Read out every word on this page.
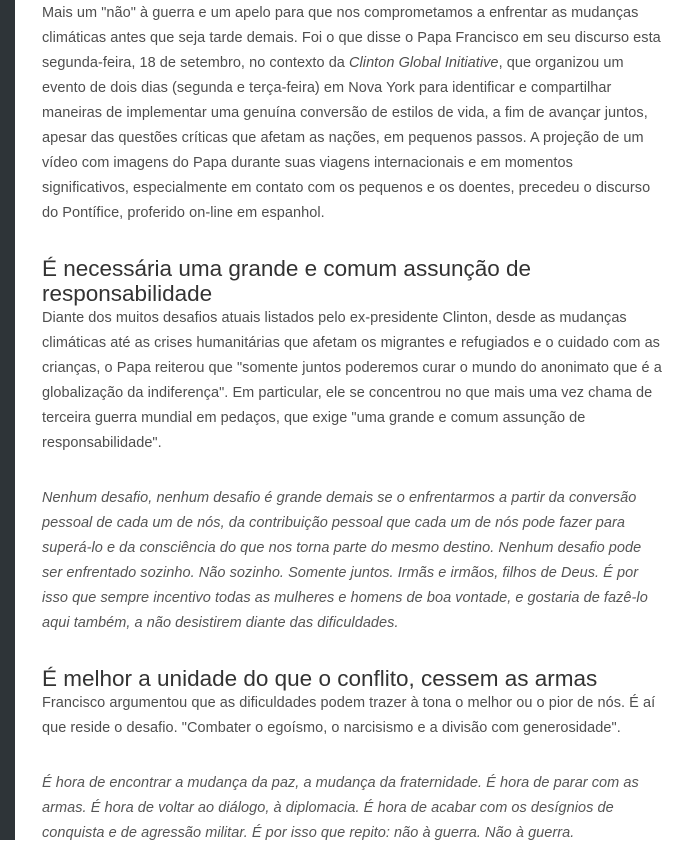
Mais um "não" à guerra e um apelo para que nos comprometamos a enfrentar as mudanças climáticas antes que seja tarde demais. Foi o que disse o Papa Francisco em seu discurso esta segunda-feira, 18 de setembro, no contexto da Clinton Global Initiative, que organizou um evento de dois dias (segunda e terça-feira) em Nova York para identificar e compartilhar maneiras de implementar uma genuína conversão de estilos de vida, a fim de avançar juntos, apesar das questões críticas que afetam as nações, em pequenos passos. A projeção de um vídeo com imagens do Papa durante suas viagens internacionais e em momentos significativos, especialmente em contato com os pequenos e os doentes, precedeu o discurso do Pontífice, proferido on-line em espanhol.

É necessária uma grande e comum assunção de responsabilidade

Diante dos muitos desafios atuais listados pelo ex-presidente Clinton, desde as mudanças climáticas até as crises humanitárias que afetam os migrantes e refugiados e o cuidado com as crianças, o Papa reiterou que "somente juntos poderemos curar o mundo do anonimato que é a globalização da indiferença". Em particular, ele se concentrou no que mais uma vez chama de terceira guerra mundial em pedaços, que exige "uma grande e comum assunção de responsabilidade".

Nenhum desafio, nenhum desafio é grande demais se o enfrentarmos a partir da conversão pessoal de cada um de nós, da contribuição pessoal que cada um de nós pode fazer para superá-lo e da consciência do que nos torna parte do mesmo destino. Nenhum desafio pode ser enfrentado sozinho. Não sozinho. Somente juntos. Irmãs e irmãos, filhos de Deus. É por isso que sempre incentivo todas as mulheres e homens de boa vontade, e gostaria de fazê-lo aqui também, a não desistirem diante das dificuldades.

É melhor a unidade do que o conflito, cessem as armas

Francisco argumentou que as dificuldades podem trazer à tona o melhor ou o pior de nós. É aí que reside o desafio. "Combater o egoísmo, o narcisismo e a divisão com generosidade".

É hora de encontrar a mudança da paz, a mudança da fraternidade. É hora de parar com as armas. É hora de voltar ao diálogo, à diplomacia. É hora de acabar com os desígnios de conquista e de agressão militar. É por isso que repito: não à guerra. Não à guerra.
